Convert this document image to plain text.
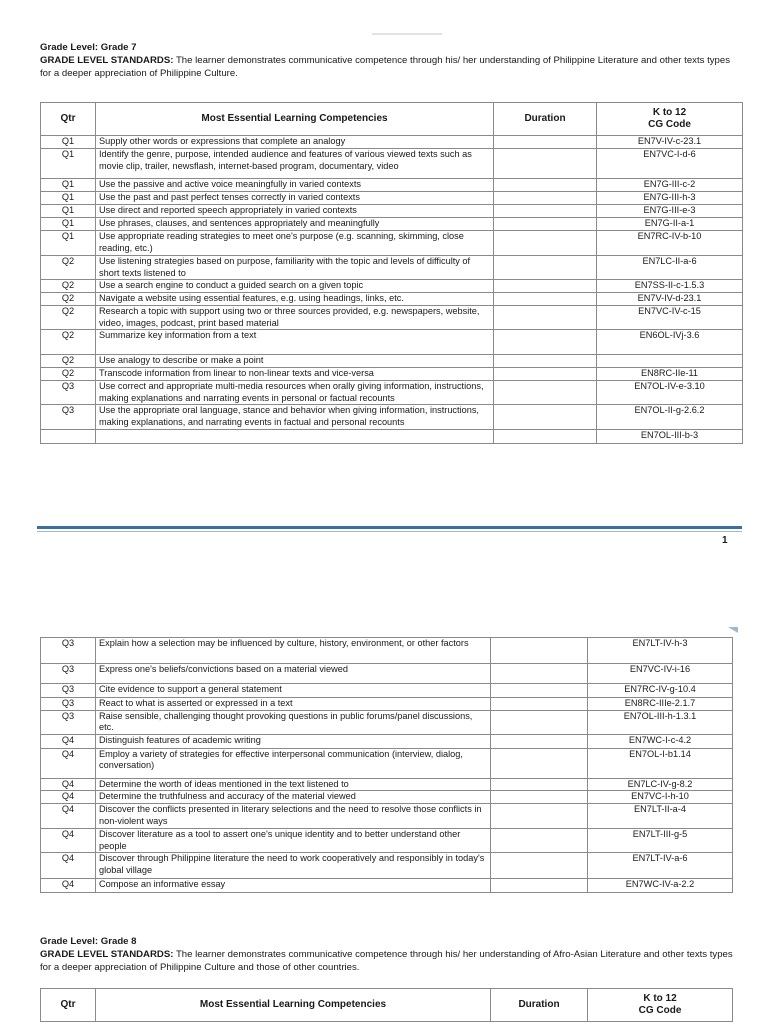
Grade Level: Grade 7
GRADE LEVEL STANDARDS: The learner demonstrates communicative competence through his/ her understanding of Philippine Literature and other texts types for a deeper appreciation of Philippine Culture.
Qtr	Most Essential Learning Competencies	Duration	K to 12
CG Code

Q1	Supply other words or expressions that complete an analogy		EN7V-IV-c-23.1
Q1	Identify the genre, purpose, intended audience and features of various viewed texts such as movie clip, trailer, newsflash, internet-based program, documentary, video		EN7VC-I-d-6
Q1	Use the passive and active voice meaningfully in varied contexts		EN7G-III-c-2
Q1	Use the past and past perfect tenses correctly in varied contexts		EN7G-III-h-3
Q1	Use direct and reported speech appropriately in varied contexts		EN7G-III-e-3
Q1	Use phrases, clauses, and sentences appropriately and meaningfully		EN7G-II-a-1
Q1	Use appropriate reading strategies to meet one's purpose (e.g. scanning, skimming, close reading, etc.)		EN7RC-IV-b-10
Q2	Use listening strategies based on purpose, familiarity with the topic and levels of difficulty of short texts listened to		EN7LC-II-a-6
Q2	Use a search engine to conduct a guided search on a given topic		EN7SS-II-c-1.5.3
Q2	Navigate a website using essential features, e.g. using headings, links, etc.		EN7V-IV-d-23.1
Q2	Research a topic with support using two or three sources provided, e.g. newspapers, website, video, images, podcast, print based material		EN7VC-IV-c-15
Q2	Summarize key information from a text		EN6OL-IVj-3.6
Q2	Use analogy to describe or make a point		
Q2	Transcode information from linear to non-linear texts and vice-versa		EN8RC-IIe-11
Q3	Use correct and appropriate multi-media resources when orally giving information, instructions, making explanations and narrating events in personal or factual recounts		EN7OL-IV-e-3.10
Q3	Use the appropriate oral language, stance and behavior when giving information, instructions, making explanations, and narrating events in factual and personal recounts		EN7OL-II-g-2.6.2
			EN7OL-III-b-3
1
Q3	Explain how a selection may be influenced by culture, history, environment, or other factors		EN7LT-IV-h-3
Q3	Express one's beliefs/convictions based on a material viewed		EN7VC-IV-i-16
Q3	Cite evidence to support a general statement		EN7RC-IV-g-10.4
Q3	React to what is asserted or expressed in a text		EN8RC-IIIe-2.1.7
Q3	Raise sensible, challenging thought provoking questions in public forums/panel discussions, etc.		EN7OL-III-h-1.3.1
Q4	Distinguish features of academic writing		EN7WC-I-c-4.2
Q4	Employ a variety of strategies for effective interpersonal communication (interview, dialog, conversation)		EN7OL-I-b1.14
Q4	Determine the worth of ideas mentioned in the text listened to		EN7LC-IV-g-8.2
Q4	Determine the truthfulness and accuracy of the material viewed		EN7VC-I-h-10
Q4	Discover the conflicts presented in literary selections and the need to resolve those conflicts in non-violent ways		EN7LT-II-a-4
Q4	Discover literature as a tool to assert one's unique identity and to better understand other people		EN7LT-III-g-5
Q4	Discover through Philippine literature the need to work cooperatively and responsibly in today's global village		EN7LT-IV-a-6
Q4	Compose an informative essay		EN7WC-IV-a-2.2
Grade Level: Grade 8
GRADE LEVEL STANDARDS: The learner demonstrates communicative competence through his/ her understanding of Afro-Asian Literature and other texts types for a deeper appreciation of Philippine Culture and those of other countries.
Qtr	Most Essential Learning Competencies	Duration	
K to 12
CG Code
